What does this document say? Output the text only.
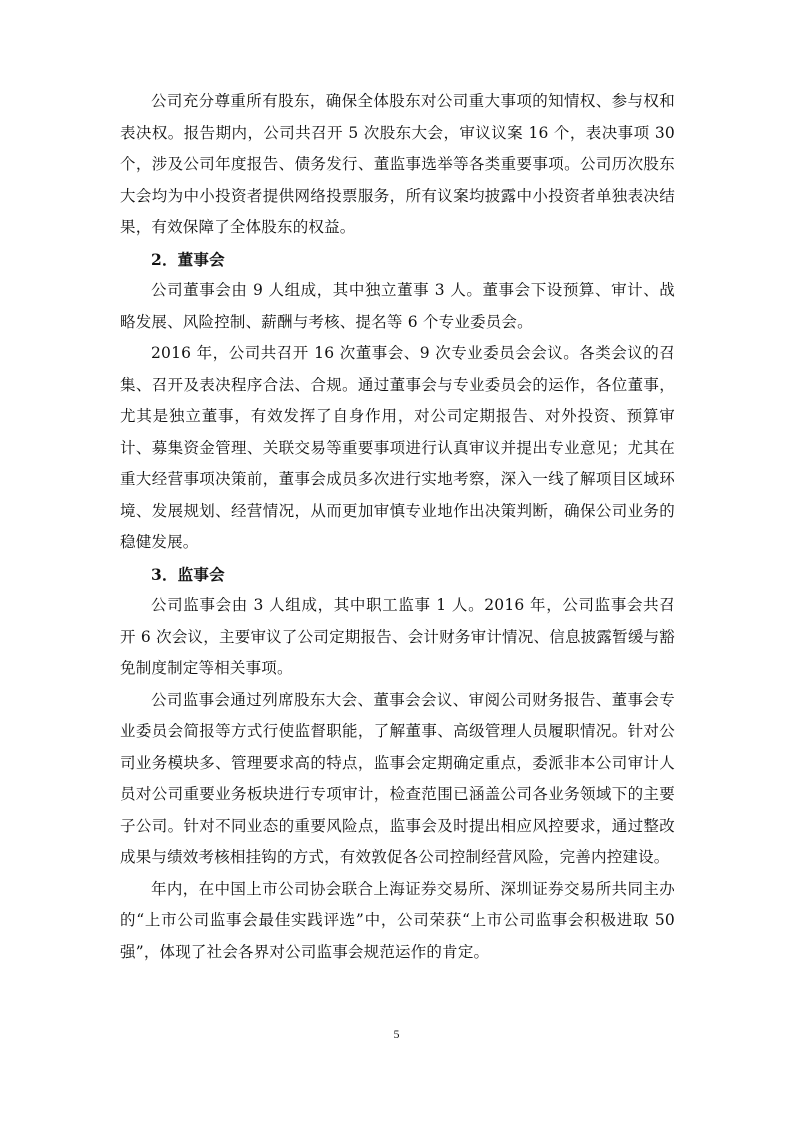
公司充分尊重所有股东，确保全体股东对公司重大事项的知情权、参与权和表决权。报告期内，公司共召开 5 次股东大会，审议议案 16 个，表决事项 30 个，涉及公司年度报告、债务发行、董监事选举等各类重要事项。公司历次股东大会均为中小投资者提供网络投票服务，所有议案均披露中小投资者单独表决结果，有效保障了全体股东的权益。

2．董事会

公司董事会由 9 人组成，其中独立董事 3 人。董事会下设预算、审计、战略发展、风险控制、薪酬与考核、提名等 6 个专业委员会。

2016 年，公司共召开 16 次董事会、9 次专业委员会会议。各类会议的召集、召开及表决程序合法、合规。通过董事会与专业委员会的运作，各位董事，尤其是独立董事，有效发挥了自身作用，对公司定期报告、对外投资、预算审计、募集资金管理、关联交易等重要事项进行认真审议并提出专业意见；尤其在重大经营事项决策前，董事会成员多次进行实地考察，深入一线了解项目区域环境、发展规划、经营情况，从而更加审慎专业地作出决策判断，确保公司业务的稳健发展。

3．监事会

公司监事会由 3 人组成，其中职工监事 1 人。2016 年，公司监事会共召开 6 次会议，主要审议了公司定期报告、会计财务审计情况、信息披露暂缓与豁免制度制定等相关事项。

公司监事会通过列席股东大会、董事会会议、审阅公司财务报告、董事会专业委员会简报等方式行使监督职能，了解董事、高级管理人员履职情况。针对公司业务模块多、管理要求高的特点，监事会定期确定重点，委派非本公司审计人员对公司重要业务板块进行专项审计，检查范围已涵盖公司各业务领域下的主要子公司。针对不同业态的重要风险点，监事会及时提出相应风控要求，通过整改成果与绩效考核相挂钩的方式，有效敦促各公司控制经营风险，完善内控建设。

年内，在中国上市公司协会联合上海证券交易所、深圳证券交易所共同主办的“上市公司监事会最佳实践评选”中，公司荣获“上市公司监事会积极进取 50 强”，体现了社会各界对公司监事会规范运作的肯定。

5
